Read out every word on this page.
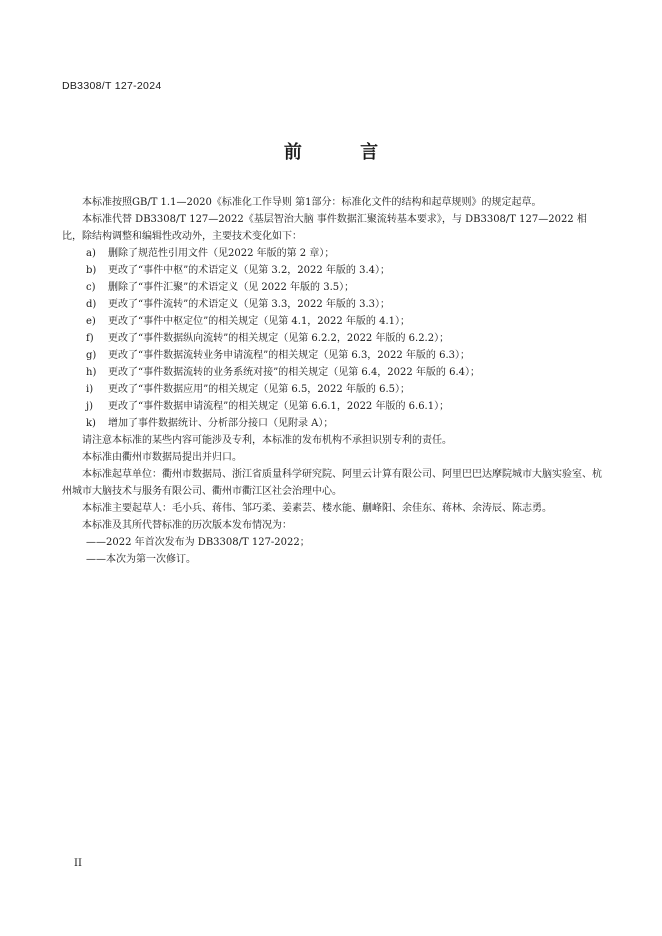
DB3308/T 127-2024
前 言

本标准按照GB/T 1.1—2020《标准化工作导则 第1部分：标准化文件的结构和起草规则》的规定起草。

本标准代替 DB3308/T 127—2022《基层智治大脑 事件数据汇聚流转基本要求》，与 DB3308/T 127—2022 相比，除结构调整和编辑性改动外，主要技术变化如下：

a)	删除了规范性引用文件（见2022 年版的第 2 章）；

b)	更改了“事件中枢”的术语定义（见第 3.2，2022 年版的 3.4）；

c)	删除了“事件汇聚”的术语定义（见 2022 年版的 3.5）；

d)	更改了“事件流转”的术语定义（见第 3.3，2022 年版的 3.3）；

e)	更改了“事件中枢定位”的相关规定（见第 4.1，2022 年版的 4.1）；

f)	更改了“事件数据纵向流转”的相关规定（见第 6.2.2，2022 年版的 6.2.2）；

g)	更改了“事件数据流转业务申请流程”的相关规定（见第 6.3，2022 年版的 6.3）；

h)	更改了“事件数据流转的业务系统对接”的相关规定（见第 6.4，2022 年版的 6.4）；

i)	更改了“事件数据应用”的相关规定（见第 6.5，2022 年版的 6.5）；

j)	更改了“事件数据申请流程”的相关规定（见第 6.6.1，2022 年版的 6.6.1）；

k)	增加了事件数据统计、分析部分接口（见附录 A）；

请注意本标准的某些内容可能涉及专利，本标准的发布机构不承担识别专利的责任。

本标准由衢州市数据局提出并归口。

本标准起草单位：衢州市数据局、浙江省质量科学研究院、阿里云计算有限公司、阿里巴巴达摩院城市大脑实验室、杭州城市大脑技术与服务有限公司、衢州市衢江区社会治理中心。

本标准主要起草人：毛小兵、蒋伟、邹巧柔、姜素芸、楼水能、蒯峰阳、余佳东、蒋林、余涛辰、陈志勇。

本标准及其所代替标准的历次版本发布情况为：

——2022 年首次发布为 DB3308/T 127-2022；

——本次为第一次修订。

II
